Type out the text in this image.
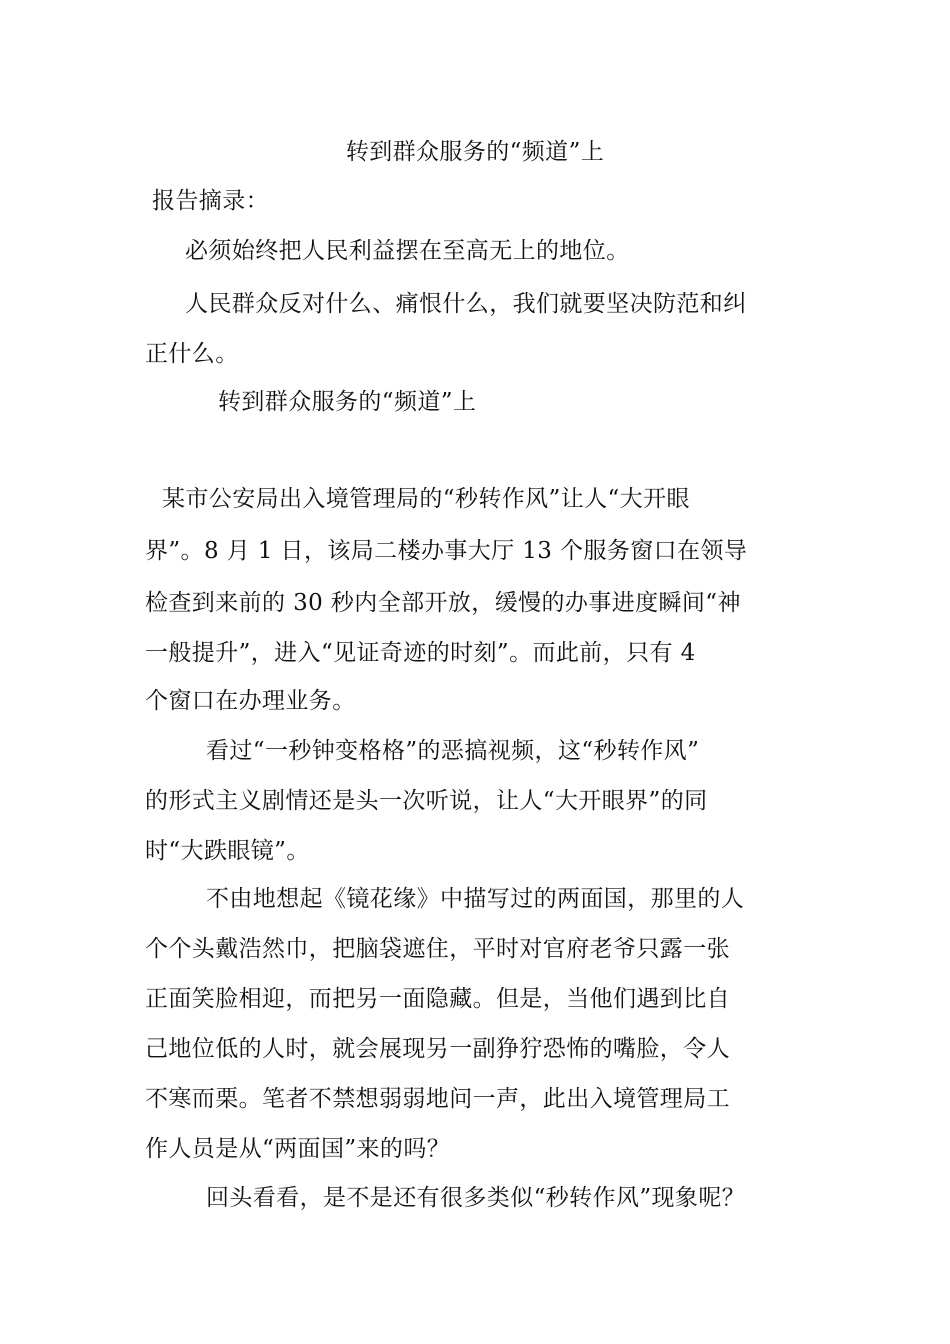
转到群众服务的“频道”上
报告摘录：
必须始终把人民利益摆在至高无上的地位。
人民群众反对什么、痛恨什么，我们就要坚决防范和纠
正什么。
转到群众服务的“频道”上
某市公安局出入境管理局的“秒转作风”让人“大开眼
界”。8 月 1 日，该局二楼办事大厅 13 个服务窗口在领导
检查到来前的 30 秒内全部开放，缓慢的办事进度瞬间“神
一般提升”，进入“见证奇迹的时刻”。而此前，只有 4
个窗口在办理业务。
看过“一秒钟变格格”的恶搞视频，这“秒转作风”
的形式主义剧情还是头一次听说，让人“大开眼界”的同
时“大跌眼镜”。
不由地想起《镜花缘》中描写过的两面国，那里的人
个个头戴浩然巾，把脑袋遮住，平时对官府老爷只露一张
正面笑脸相迎，而把另一面隐藏。但是，当他们遇到比自
己地位低的人时，就会展现另一副狰狞恐怖的嘴脸，令人
不寒而栗。笔者不禁想弱弱地问一声，此出入境管理局工
作人员是从“两面国”来的吗？
回头看看，是不是还有很多类似“秒转作风”现象呢？
